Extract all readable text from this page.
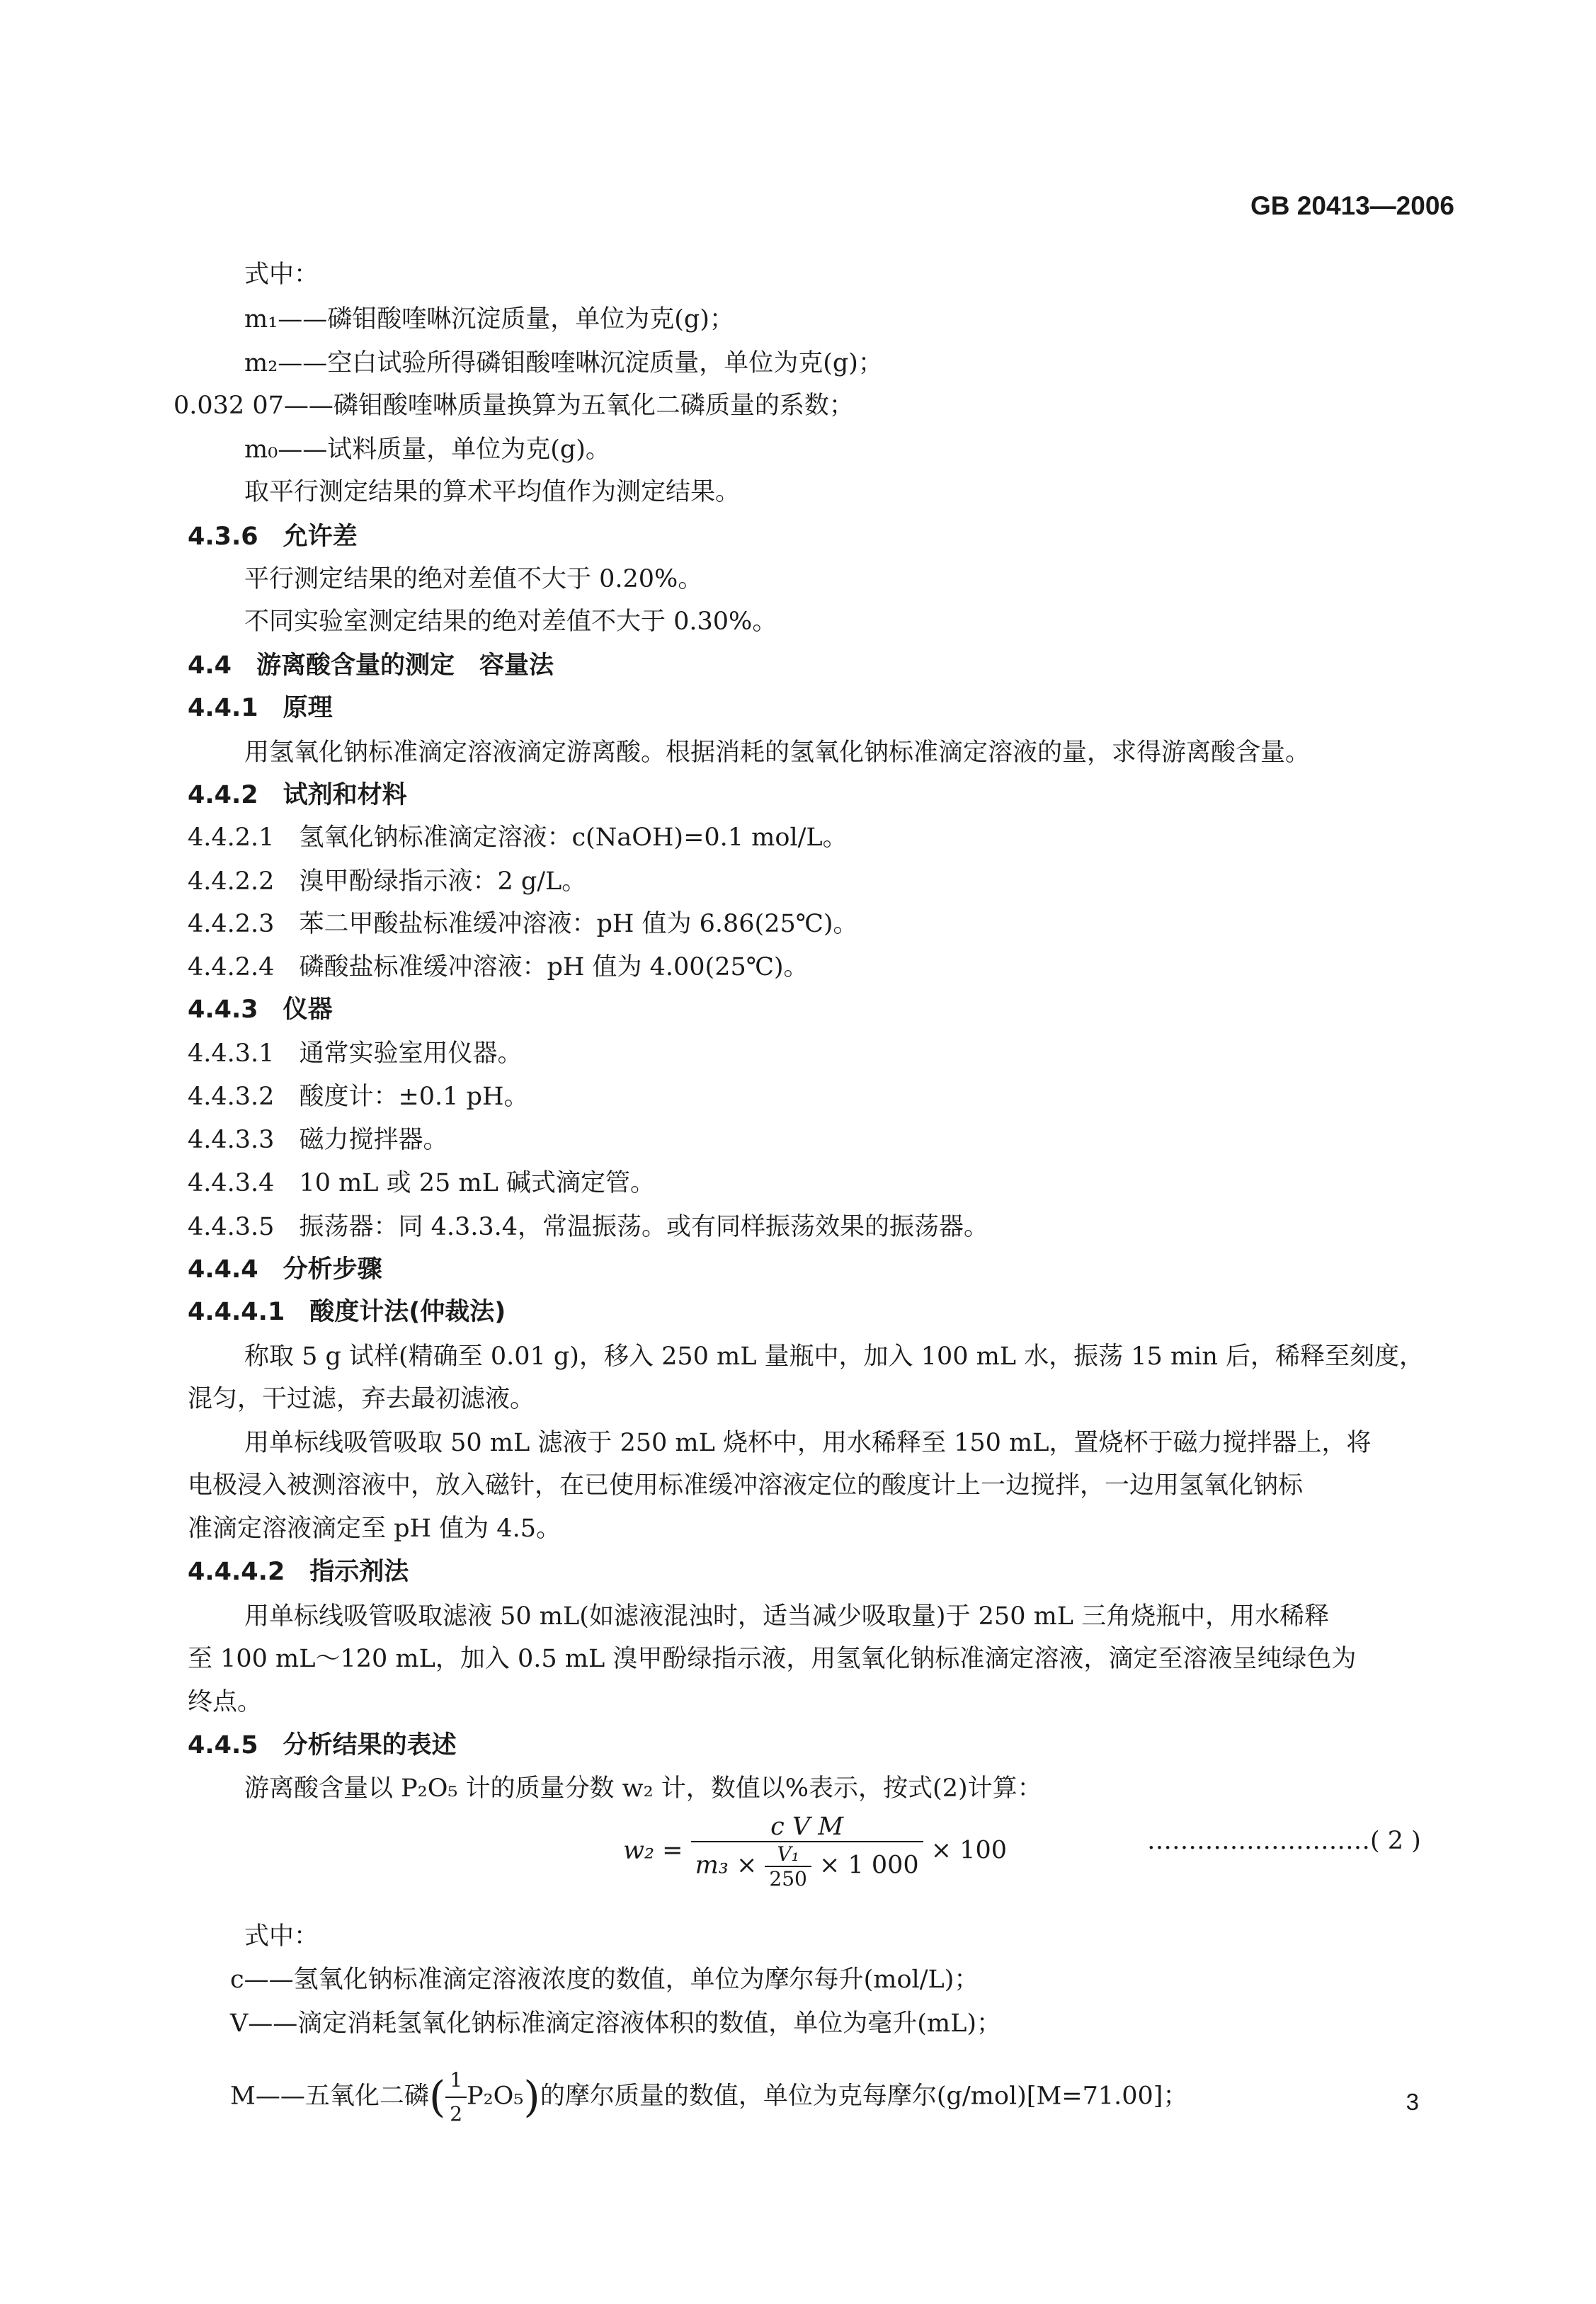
GB 20413—2006
式中：
m₁——磷钼酸喹啉沉淀质量，单位为克(g)；
m₂——空白试验所得磷钼酸喹啉沉淀质量，单位为克(g)；
0.032 07——磷钼酸喹啉质量换算为五氧化二磷质量的系数；
m₀——试料质量，单位为克(g)。
取平行测定结果的算术平均值作为测定结果。
4.3.6　允许差
平行测定结果的绝对差值不大于 0.20%。
不同实验室测定结果的绝对差值不大于 0.30%。
4.4　游离酸含量的测定　容量法
4.4.1　原理
用氢氧化钠标准滴定溶液滴定游离酸。根据消耗的氢氧化钠标准滴定溶液的量，求得游离酸含量。
4.4.2　试剂和材料
4.4.2.1　氢氧化钠标准滴定溶液：c(NaOH)=0.1 mol/L。
4.4.2.2　溴甲酚绿指示液：2 g/L。
4.4.2.3　苯二甲酸盐标准缓冲溶液：pH 值为 6.86(25℃)。
4.4.2.4　磷酸盐标准缓冲溶液：pH 值为 4.00(25℃)。
4.4.3　仪器
4.4.3.1　通常实验室用仪器。
4.4.3.2　酸度计：±0.1 pH。
4.4.3.3　磁力搅拌器。
4.4.3.4　10 mL 或 25 mL 碱式滴定管。
4.4.3.5　振荡器：同 4.3.3.4，常温振荡。或有同样振荡效果的振荡器。
4.4.4　分析步骤
4.4.4.1　酸度计法(仲裁法)
称取 5 g 试样(精确至 0.01 g)，移入 250 mL 量瓶中，加入 100 mL 水，振荡 15 min 后，稀释至刻度，
混匀，干过滤，弃去最初滤液。
用单标线吸管吸取 50 mL 滤液于 250 mL 烧杯中，用水稀释至 150 mL，置烧杯于磁力搅拌器上，将
电极浸入被测溶液中，放入磁针，在已使用标准缓冲溶液定位的酸度计上一边搅拌，一边用氢氧化钠标
准滴定溶液滴定至 pH 值为 4.5。
4.4.4.2　指示剂法
用单标线吸管吸取滤液 50 mL(如滤液混浊时，适当减少吸取量)于 250 mL 三角烧瓶中，用水稀释
至 100 mL～120 mL，加入 0.5 mL 溴甲酚绿指示液，用氢氧化钠标准滴定溶液，滴定至溶液呈纯绿色为
终点。
4.4.5　分析结果的表述
游离酸含量以 P₂O₅ 计的质量分数 w₂ 计，数值以%表示，按式(2)计算：
w₂ =
c V M
$m_3 \times \frac{\text{V₁}}{250} \times 1$ 000
× 100	………………………( 2 )
式中：
c——氢氧化钠标准滴定溶液浓度的数值，单位为摩尔每升(mol/L)；
V——滴定消耗氢氧化钠标准滴定溶液体积的数值，单位为毫升(mL)；
M——五氧化二磷( $\frac{1}{2} P_2O_5$)的摩尔质量的数值，单位为克每摩尔(g/mol)[M=71.00]；	3
